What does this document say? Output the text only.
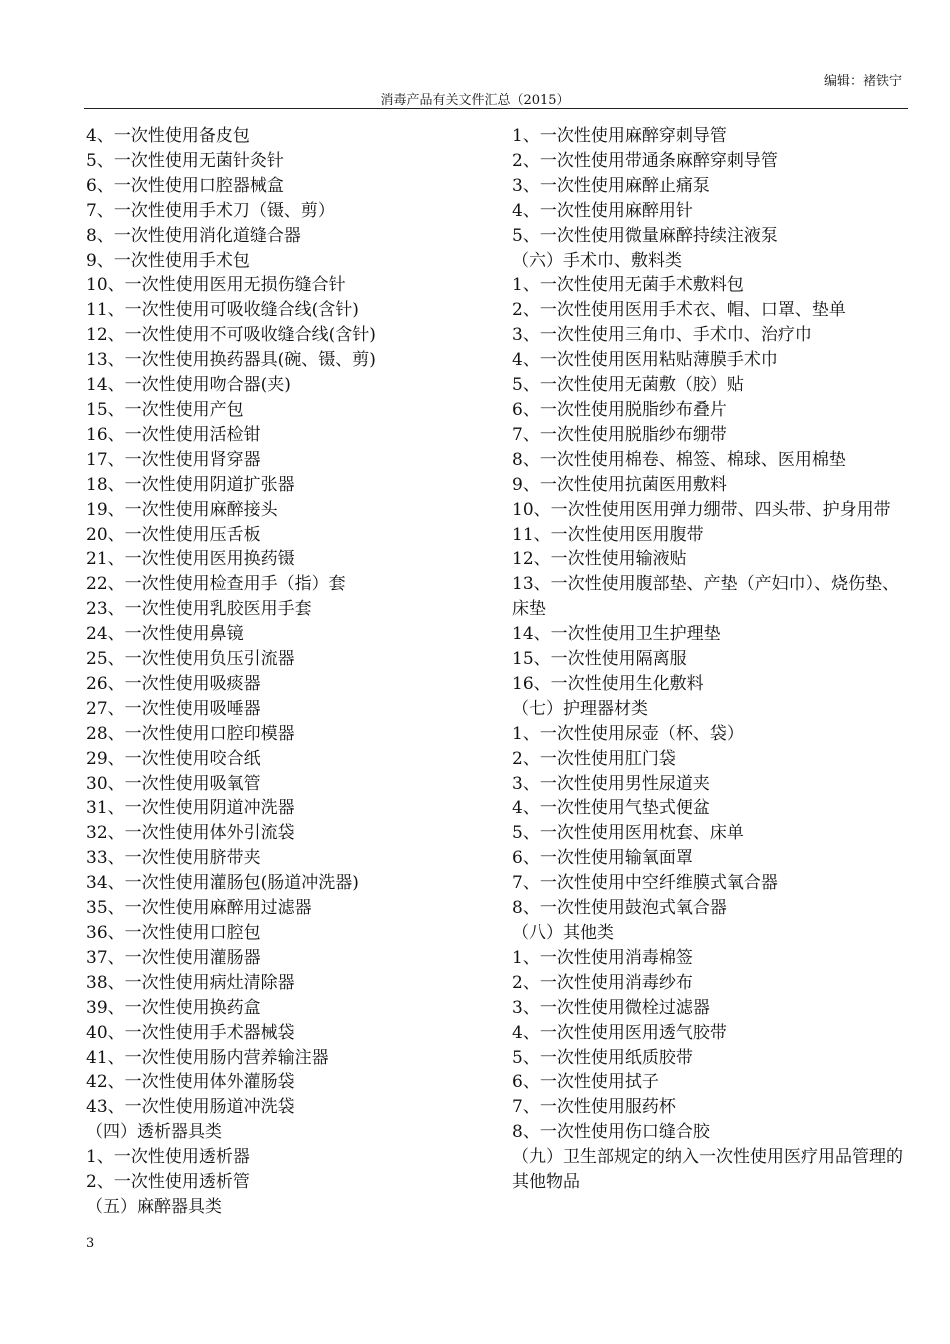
编辑：褚铁宁
消毒产品有关文件汇总（2015）
4、一次性使用备皮包
5、一次性使用无菌针灸针
6、一次性使用口腔器械盒
7、一次性使用手术刀（镊、剪）
8、一次性使用消化道缝合器
9、一次性使用手术包
10、一次性使用医用无损伤缝合针
11、一次性使用可吸收缝合线(含针)
12、一次性使用不可吸收缝合线(含针)
13、一次性使用换药器具(碗、镊、剪)
14、一次性使用吻合器(夹)
15、一次性使用产包
16、一次性使用活检钳
17、一次性使用肾穿器
18、一次性使用阴道扩张器
19、一次性使用麻醉接头
20、一次性使用压舌板
21、一次性使用医用换药镊
22、一次性使用检查用手（指）套
23、一次性使用乳胶医用手套
24、一次性使用鼻镜
25、一次性使用负压引流器
26、一次性使用吸痰器
27、一次性使用吸唾器
28、一次性使用口腔印模器
29、一次性使用咬合纸
30、一次性使用吸氧管
31、一次性使用阴道冲洗器
32、一次性使用体外引流袋
33、一次性使用脐带夹
34、一次性使用灌肠包(肠道冲洗器)
35、一次性使用麻醉用过滤器
36、一次性使用口腔包
37、一次性使用灌肠器
38、一次性使用病灶清除器
39、一次性使用换药盒
40、一次性使用手术器械袋
41、一次性使用肠内营养输注器
42、一次性使用体外灌肠袋
43、一次性使用肠道冲洗袋
（四）透析器具类
1、一次性使用透析器
2、一次性使用透析管
（五）麻醉器具类
1、一次性使用麻醉穿刺导管
2、一次性使用带通条麻醉穿刺导管
3、一次性使用麻醉止痛泵
4、一次性使用麻醉用针
5、一次性使用微量麻醉持续注液泵
（六）手术巾、敷料类
1、一次性使用无菌手术敷料包
2、一次性使用医用手术衣、帽、口罩、垫单
3、一次性使用三角巾、手术巾、治疗巾
4、一次性使用医用粘贴薄膜手术巾
5、一次性使用无菌敷（胶）贴
6、一次性使用脱脂纱布叠片
7、一次性使用脱脂纱布绷带
8、一次性使用棉卷、棉签、棉球、医用棉垫
9、一次性使用抗菌医用敷料
10、一次性使用医用弹力绷带、四头带、护身用带
11、一次性使用医用腹带
12、一次性使用输液贴
13、一次性使用腹部垫、产垫（产妇巾）、烧伤垫、床垫
14、一次性使用卫生护理垫
15、一次性使用隔离服
16、一次性使用生化敷料
（七）护理器材类
1、一次性使用尿壶（杯、袋）
2、一次性使用肛门袋
3、一次性使用男性尿道夹
4、一次性使用气垫式便盆
5、一次性使用医用枕套、床单
6、一次性使用输氧面罩
7、一次性使用中空纤维膜式氧合器
8、一次性使用鼓泡式氧合器
（八）其他类
1、一次性使用消毒棉签
2、一次性使用消毒纱布
3、一次性使用微栓过滤器
4、一次性使用医用透气胶带
5、一次性使用纸质胶带
6、一次性使用拭子
7、一次性使用服药杯
8、一次性使用伤口缝合胶
（九）卫生部规定的纳入一次性使用医疗用品管理的其他物品
3
